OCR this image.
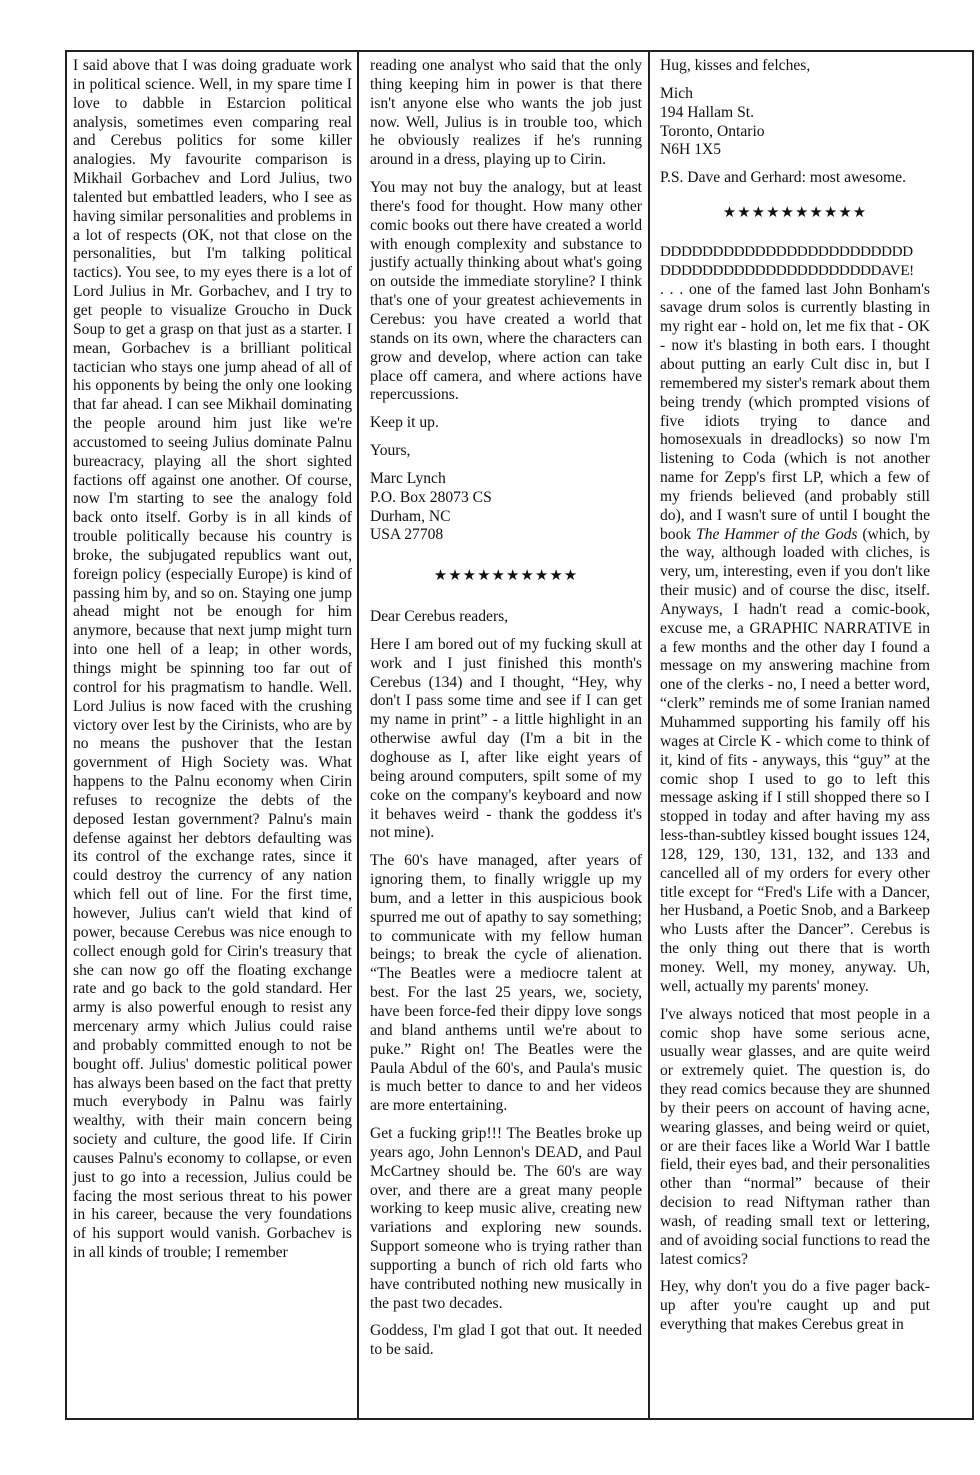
I said above that I was doing graduate work in political science. Well, in my spare time I love to dabble in Estarcion political analysis, sometimes even comparing real and Cerebus politics for some killer analogies. My favourite comparison is Mikhail Gorbachev and Lord Julius, two talented but embattled leaders, who I see as having similar personalities and problems in a lot of respects (OK, not that close on the personalities, but I'm talking political tactics). You see, to my eyes there is a lot of Lord Julius in Mr. Gorbachev, and I try to get people to visualize Groucho in Duck Soup to get a grasp on that just as a starter. I mean, Gorbachev is a brilliant political tactician who stays one jump ahead of all of his opponents by being the only one looking that far ahead. I can see Mikhail dominating the people around him just like we're accustomed to seeing Julius dominate Palnu bureacracy, playing all the short sighted factions off against one another. Of course, now I'm starting to see the analogy fold back onto itself. Gorby is in all kinds of trouble politically because his country is broke, the subjugated republics want out, foreign policy (especially Europe) is kind of passing him by, and so on. Staying one jump ahead might not be enough for him anymore, because that next jump might turn into one hell of a leap; in other words, things might be spinning too far out of control for his pragmatism to handle. Well. Lord Julius is now faced with the crushing victory over Iest by the Cirinists, who are by no means the pushover that the Iestan government of High Society was. What happens to the Palnu economy when Cirin refuses to recognize the debts of the deposed Iestan government? Palnu's main defense against her debtors defaulting was its control of the exchange rates, since it could destroy the currency of any nation which fell out of line. For the first time, however, Julius can't wield that kind of power, because Cerebus was nice enough to collect enough gold for Cirin's treasury that she can now go off the floating exchange rate and go back to the gold standard. Her army is also powerful enough to resist any mercenary army which Julius could raise and probably committed enough to not be bought off. Julius' domestic political power has always been based on the fact that pretty much everybody in Palnu was fairly wealthy, with their main concern being society and culture, the good life. If Cirin causes Palnu's economy to collapse, or even just to go into a recession, Julius could be facing the most serious threat to his power in his career, because the very foundations of his support would vanish. Gorbachev is in all kinds of trouble; I remember

reading one analyst who said that the only thing keeping him in power is that there isn't anyone else who wants the job just now. Well, Julius is in trouble too, which he obviously realizes if he's running around in a dress, playing up to Cirin.

You may not buy the analogy, but at least there's food for thought. How many other comic books out there have created a world with enough complexity and substance to justify actually thinking about what's going on outside the immediate storyline? I think that's one of your greatest achievements in Cerebus: you have created a world that stands on its own, where the characters can grow and develop, where action can take place off camera, and where actions have repercussions.

Keep it up.

Yours,

Marc Lynch

P.O. Box 28073 CS

Durham, NC

USA 27708

★★★★★★★★★★

Dear Cerebus readers,

Here I am bored out of my fucking skull at work and I just finished this month's Cerebus (134) and I thought, “Hey, why don't I pass some time and see if I can get my name in print” - a little highlight in an otherwise awful day (I'm a bit in the doghouse as I, after like eight years of being around computers, spilt some of my coke on the company's keyboard and now it behaves weird - thank the goddess it's not mine).

The 60's have managed, after years of ignoring them, to finally wriggle up my bum, and a letter in this auspicious book spurred me out of apathy to say something; to communicate with my fellow human beings; to break the cycle of alienation. “The Beatles were a mediocre talent at best. For the last 25 years, we, society, have been force-fed their dippy love songs and bland anthems until we're about to puke.” Right on! The Beatles were the Paula Abdul of the 60's, and Paula's music is much better to dance to and her videos are more entertaining.

Get a fucking grip!!! The Beatles broke up years ago, John Lennon's DEAD, and Paul McCartney should be. The 60's are way over, and there are a great many people working to keep music alive, creating new variations and exploring new sounds. Support someone who is trying rather than supporting a bunch of rich old farts who have contributed nothing new musically in the past two decades.

Goddess, I'm glad I got that out. It needed to be said.

Hug, kisses and felches,

Mich

194 Hallam St.

Toronto, Ontario

N6H 1X5

P.S. Dave and Gerhard: most awesome.

★★★★★★★★★★

DDDDDDDDDDDDDDDDDDDDDDDD

DDDDDDDDDDDDDDDDDDDDDAVE!

. . . one of the famed last John Bonham's savage drum solos is currently blasting in my right ear - hold on, let me fix that - OK - now it's blasting in both ears. I thought about putting an early Cult disc in, but I remembered my sister's remark about them being trendy (which prompted visions of five idiots trying to dance and homosexuals in dreadlocks) so now I'm listening to Coda (which is not another name for Zepp's first LP, which a few of my friends believed (and probably still do), and I wasn't sure of until I bought the book The Hammer of the Gods (which, by the way, although loaded with cliches, is very, um, interesting, even if you don't like their music) and of course the disc, itself. Anyways, I hadn't read a comic-book, excuse me, a GRAPHIC NARRATIVE in a few months and the other day I found a message on my answering machine from one of the clerks - no, I need a better word, “clerk” reminds me of some Iranian named Muhammed supporting his family off his wages at Circle K - which come to think of it, kind of fits - anyways, this “guy” at the comic shop I used to go to left this message asking if I still shopped there so I stopped in today and after having my ass less-than-subtley kissed bought issues 124, 128, 129, 130, 131, 132, and 133 and cancelled all of my orders for every other title except for “Fred's Life with a Dancer, her Husband, a Poetic Snob, and a Barkeep who Lusts after the Dancer”. Cerebus is the only thing out there that is worth money. Well, my money, anyway. Uh, well, actually my parents' money.

I've always noticed that most people in a comic shop have some serious acne, usually wear glasses, and are quite weird or extremely quiet. The question is, do they read comics because they are shunned by their peers on account of having acne, wearing glasses, and being weird or quiet, or are their faces like a World War I battle field, their eyes bad, and their personalities other than “normal” because of their decision to read Niftyman rather than wash, of reading small text or lettering, and of avoiding social functions to read the latest comics?

Hey, why don't you do a five pager back-up after you're caught up and put everything that makes Cerebus great in
